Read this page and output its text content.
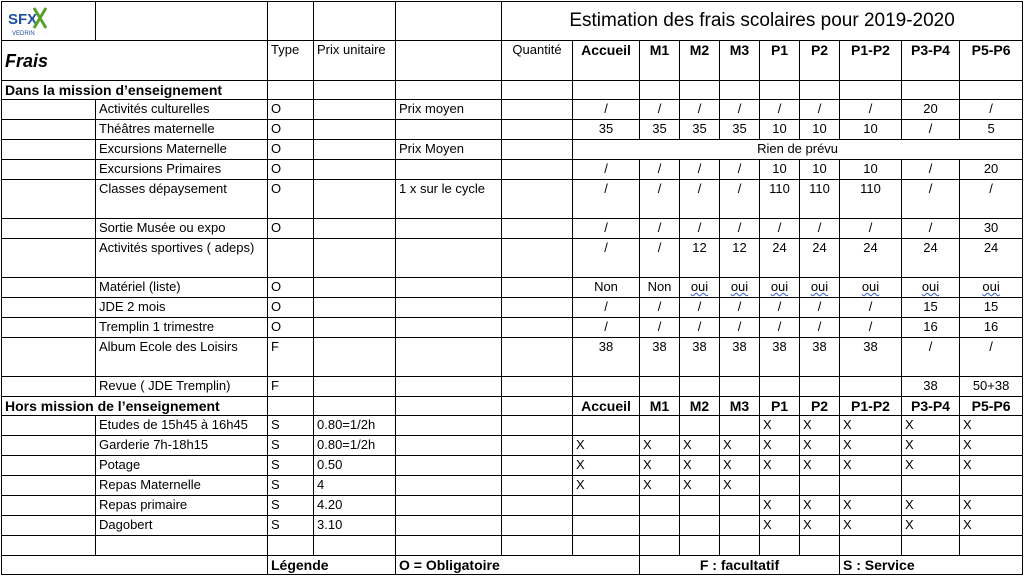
SFX
VEDRIN					Estimation des frais scolaires pour 2019-2020									
Frais		Type	Prix unitaire		Quantité	Accueil	M1	M2	M3	P1	P2	P1-P2	P3-P4	P5-P6
Dans la mission d’enseignement														
	Activités culturelles	O		Prix moyen		/	/	/	/	/	/	/	20	/
	Théâtres maternelle	O				35	35	35	35	10	10	10	/	5
	Excursions Maternelle	O		Prix Moyen		Rien de prévu								
	Excursions Primaires	O				/	/	/	/	10	10	10	/	20
	Classes dépaysement	O		1 x sur le cycle		/	/	/	/	110	110	110	/	/
	Sortie Musée ou expo	O				/	/	/	/	/	/	/	/	30
	Activités sportives ( adeps)					/	/	12	12	24	24	24	24	24
	Matériel (liste)	O				Non	Non	oui	oui	oui	oui	oui	oui	oui
	JDE 2 mois	O				/	/	/	/	/	/	/	15	15
	Tremplin 1 trimestre	O				/	/	/	/	/	/	/	16	16
	Album Ecole des Loisirs	F				38	38	38	38	38	38	38	/	/
	Revue ( JDE Tremplin)	F											38	50+38
Hors mission de l’enseignement						Accueil	M1	M2	M3	P1	P2	P1-P2	P3-P4	P5-P6
	Etudes de 15h45 à 16h45	S	0.80=1/2h							X	X	X	X	X
	Garderie 7h-18h15	S	0.80=1/2h			X	X	X	X	X	X	X	X	X
	Potage	S	0.50			X	X	X	X	X	X	X	X	X
	Repas Maternelle	S	4			X	X	X	X					
	Repas primaire	S	4.20							X	X	X	X	X
	Dagobert	S	3.10							X	X	X	X	X

		Légende		O = Obligatoire			F : facultatif					S : Service		
